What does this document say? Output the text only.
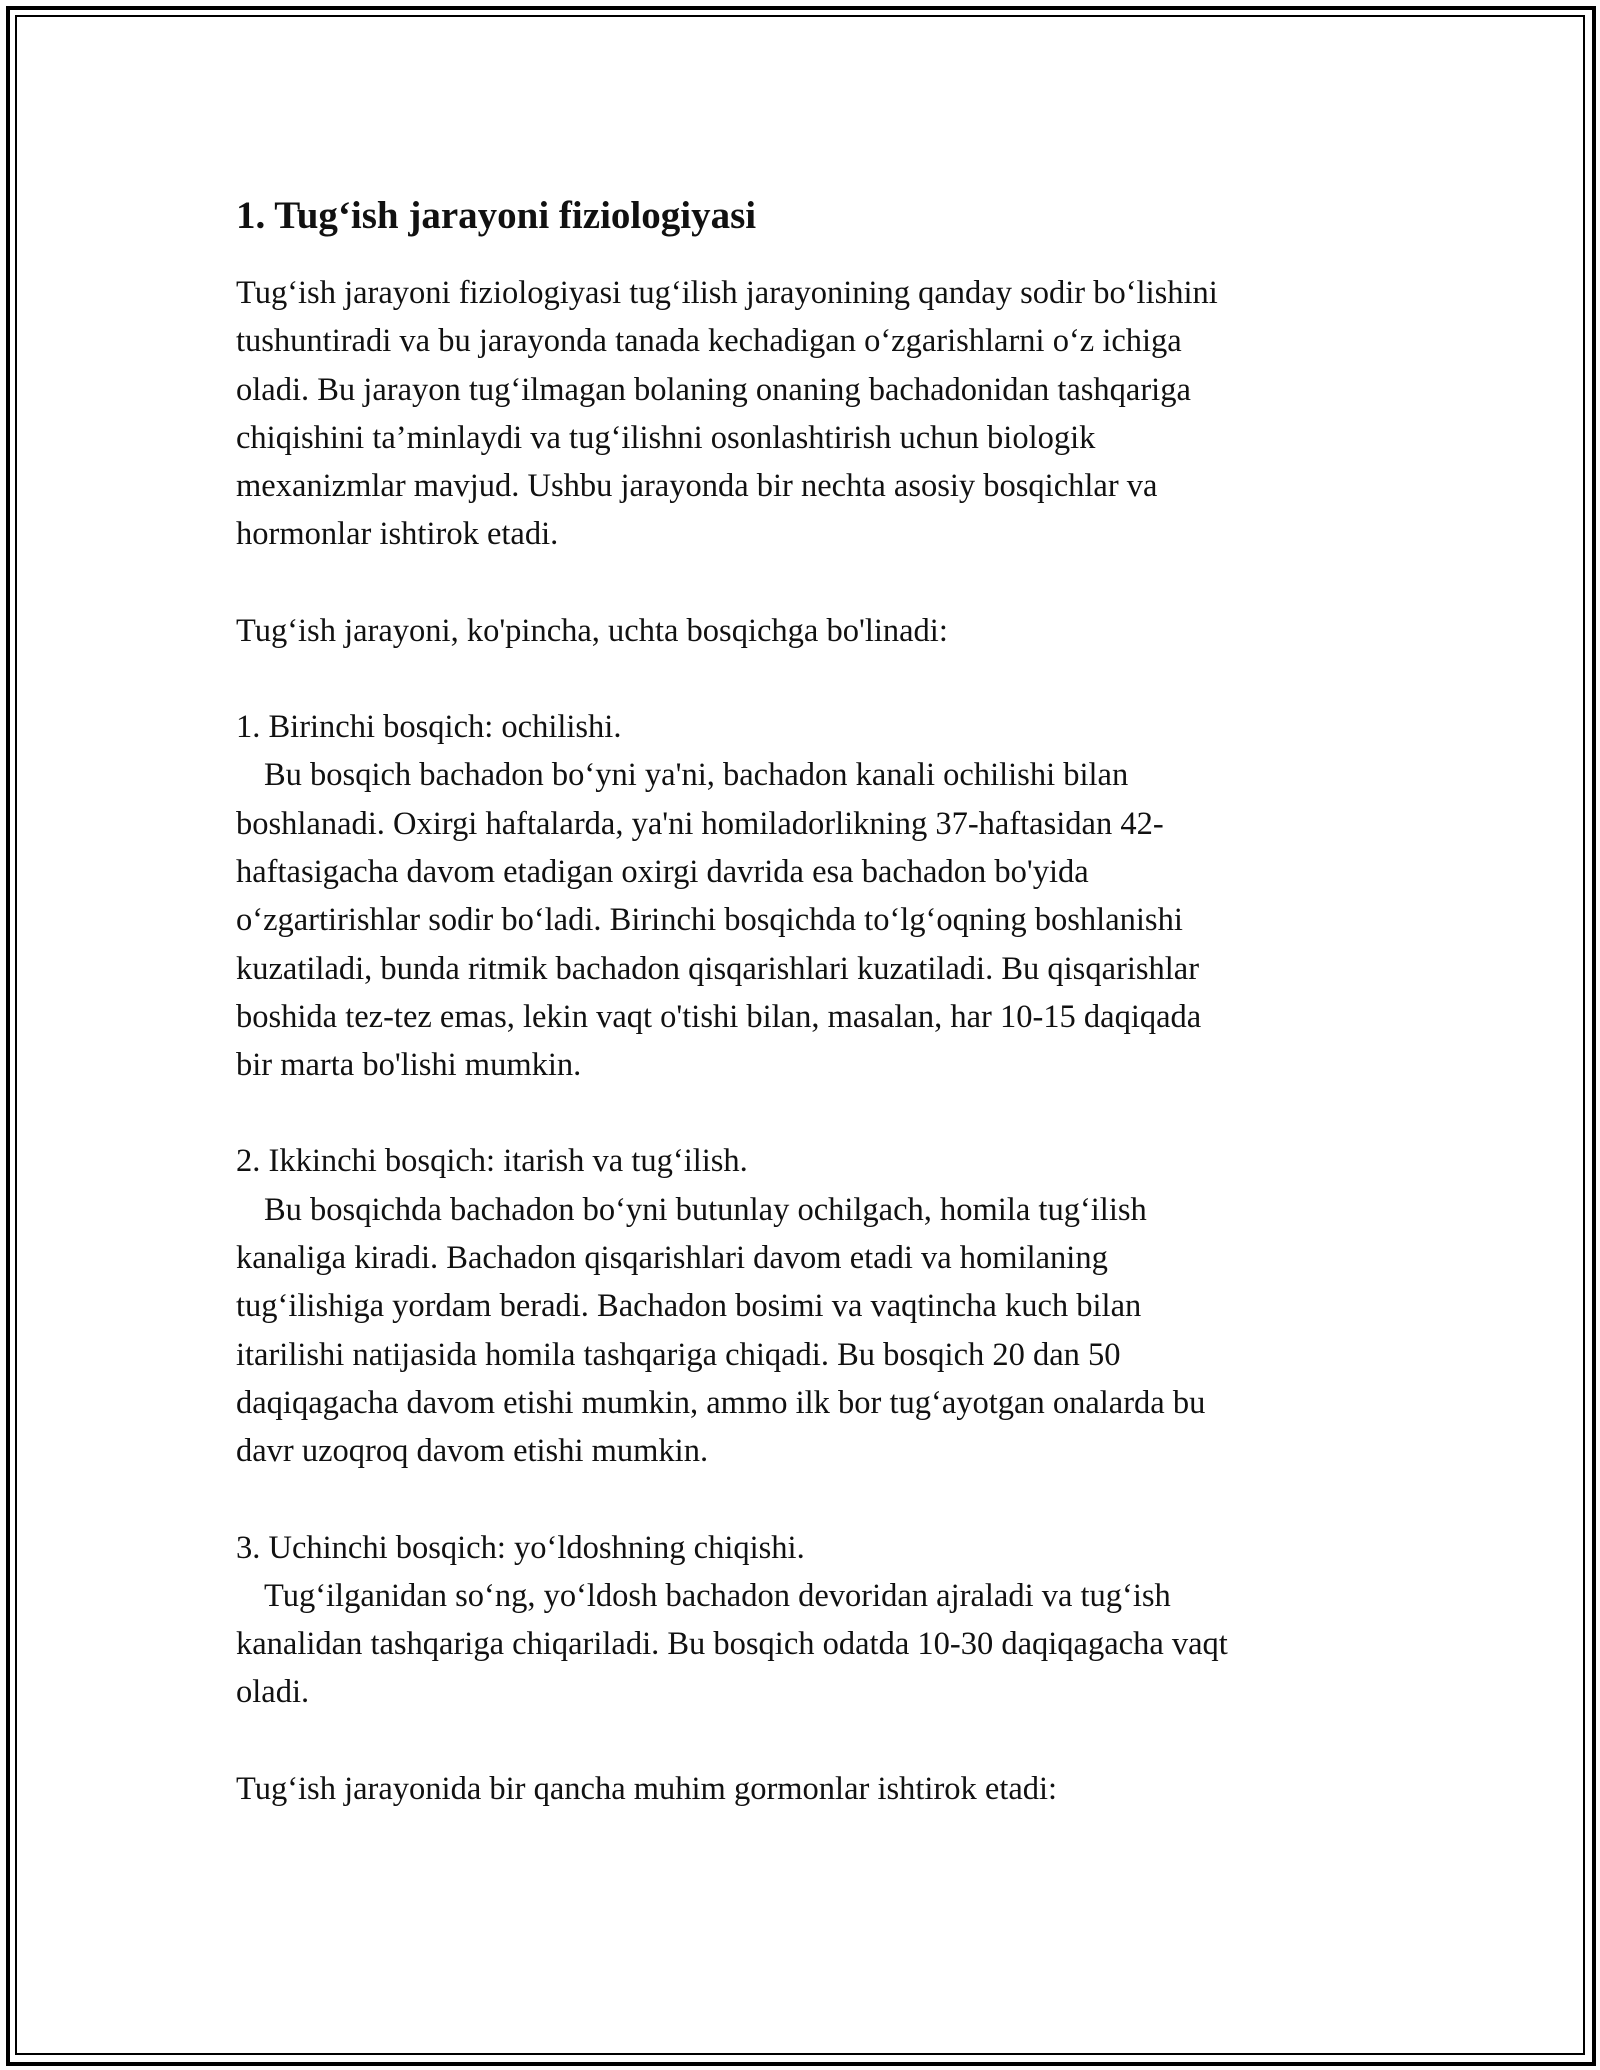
1. Tug‘ish jarayoni fiziologiyasi
Tug‘ish jarayoni fiziologiyasi tug‘ilish jarayonining qanday sodir bo‘lishini
tushuntiradi va bu jarayonda tanada kechadigan o‘zgarishlarni o‘z ichiga
oladi. Bu jarayon tug‘ilmagan bolaning onaning bachadonidan tashqariga
chiqishini ta’minlaydi va tug‘ilishni osonlashtirish uchun biologik
mexanizmlar mavjud. Ushbu jarayonda bir nechta asosiy bosqichlar va
hormonlar ishtirok etadi.
Tug‘ish jarayoni, ko'pincha, uchta bosqichga bo'linadi:
1. Birinchi bosqich: ochilishi.
Bu bosqich bachadon bo‘yni ya'ni, bachadon kanali ochilishi bilan
boshlanadi. Oxirgi haftalarda, ya'ni homiladorlikning 37-haftasidan 42-
haftasigacha davom etadigan oxirgi davrida esa bachadon bo'yida
o‘zgartirishlar sodir bo‘ladi. Birinchi bosqichda to‘lg‘oqning boshlanishi
kuzatiladi, bunda ritmik bachadon qisqarishlari kuzatiladi. Bu qisqarishlar
boshida tez-tez emas, lekin vaqt o'tishi bilan, masalan, har 10-15 daqiqada
bir marta bo'lishi mumkin.
2. Ikkinchi bosqich: itarish va tug‘ilish.
Bu bosqichda bachadon bo‘yni butunlay ochilgach, homila tug‘ilish
kanaliga kiradi. Bachadon qisqarishlari davom etadi va homilaning
tug‘ilishiga yordam beradi. Bachadon bosimi va vaqtincha kuch bilan
itarilishi natijasida homila tashqariga chiqadi. Bu bosqich 20 dan 50
daqiqagacha davom etishi mumkin, ammo ilk bor tug‘ayotgan onalarda bu
davr uzoqroq davom etishi mumkin.
3. Uchinchi bosqich: yo‘ldoshning chiqishi.
Tug‘ilganidan so‘ng, yo‘ldosh bachadon devoridan ajraladi va tug‘ish
kanalidan tashqariga chiqariladi. Bu bosqich odatda 10-30 daqiqagacha vaqt
oladi.
Tug‘ish jarayonida bir qancha muhim gormonlar ishtirok etadi:
